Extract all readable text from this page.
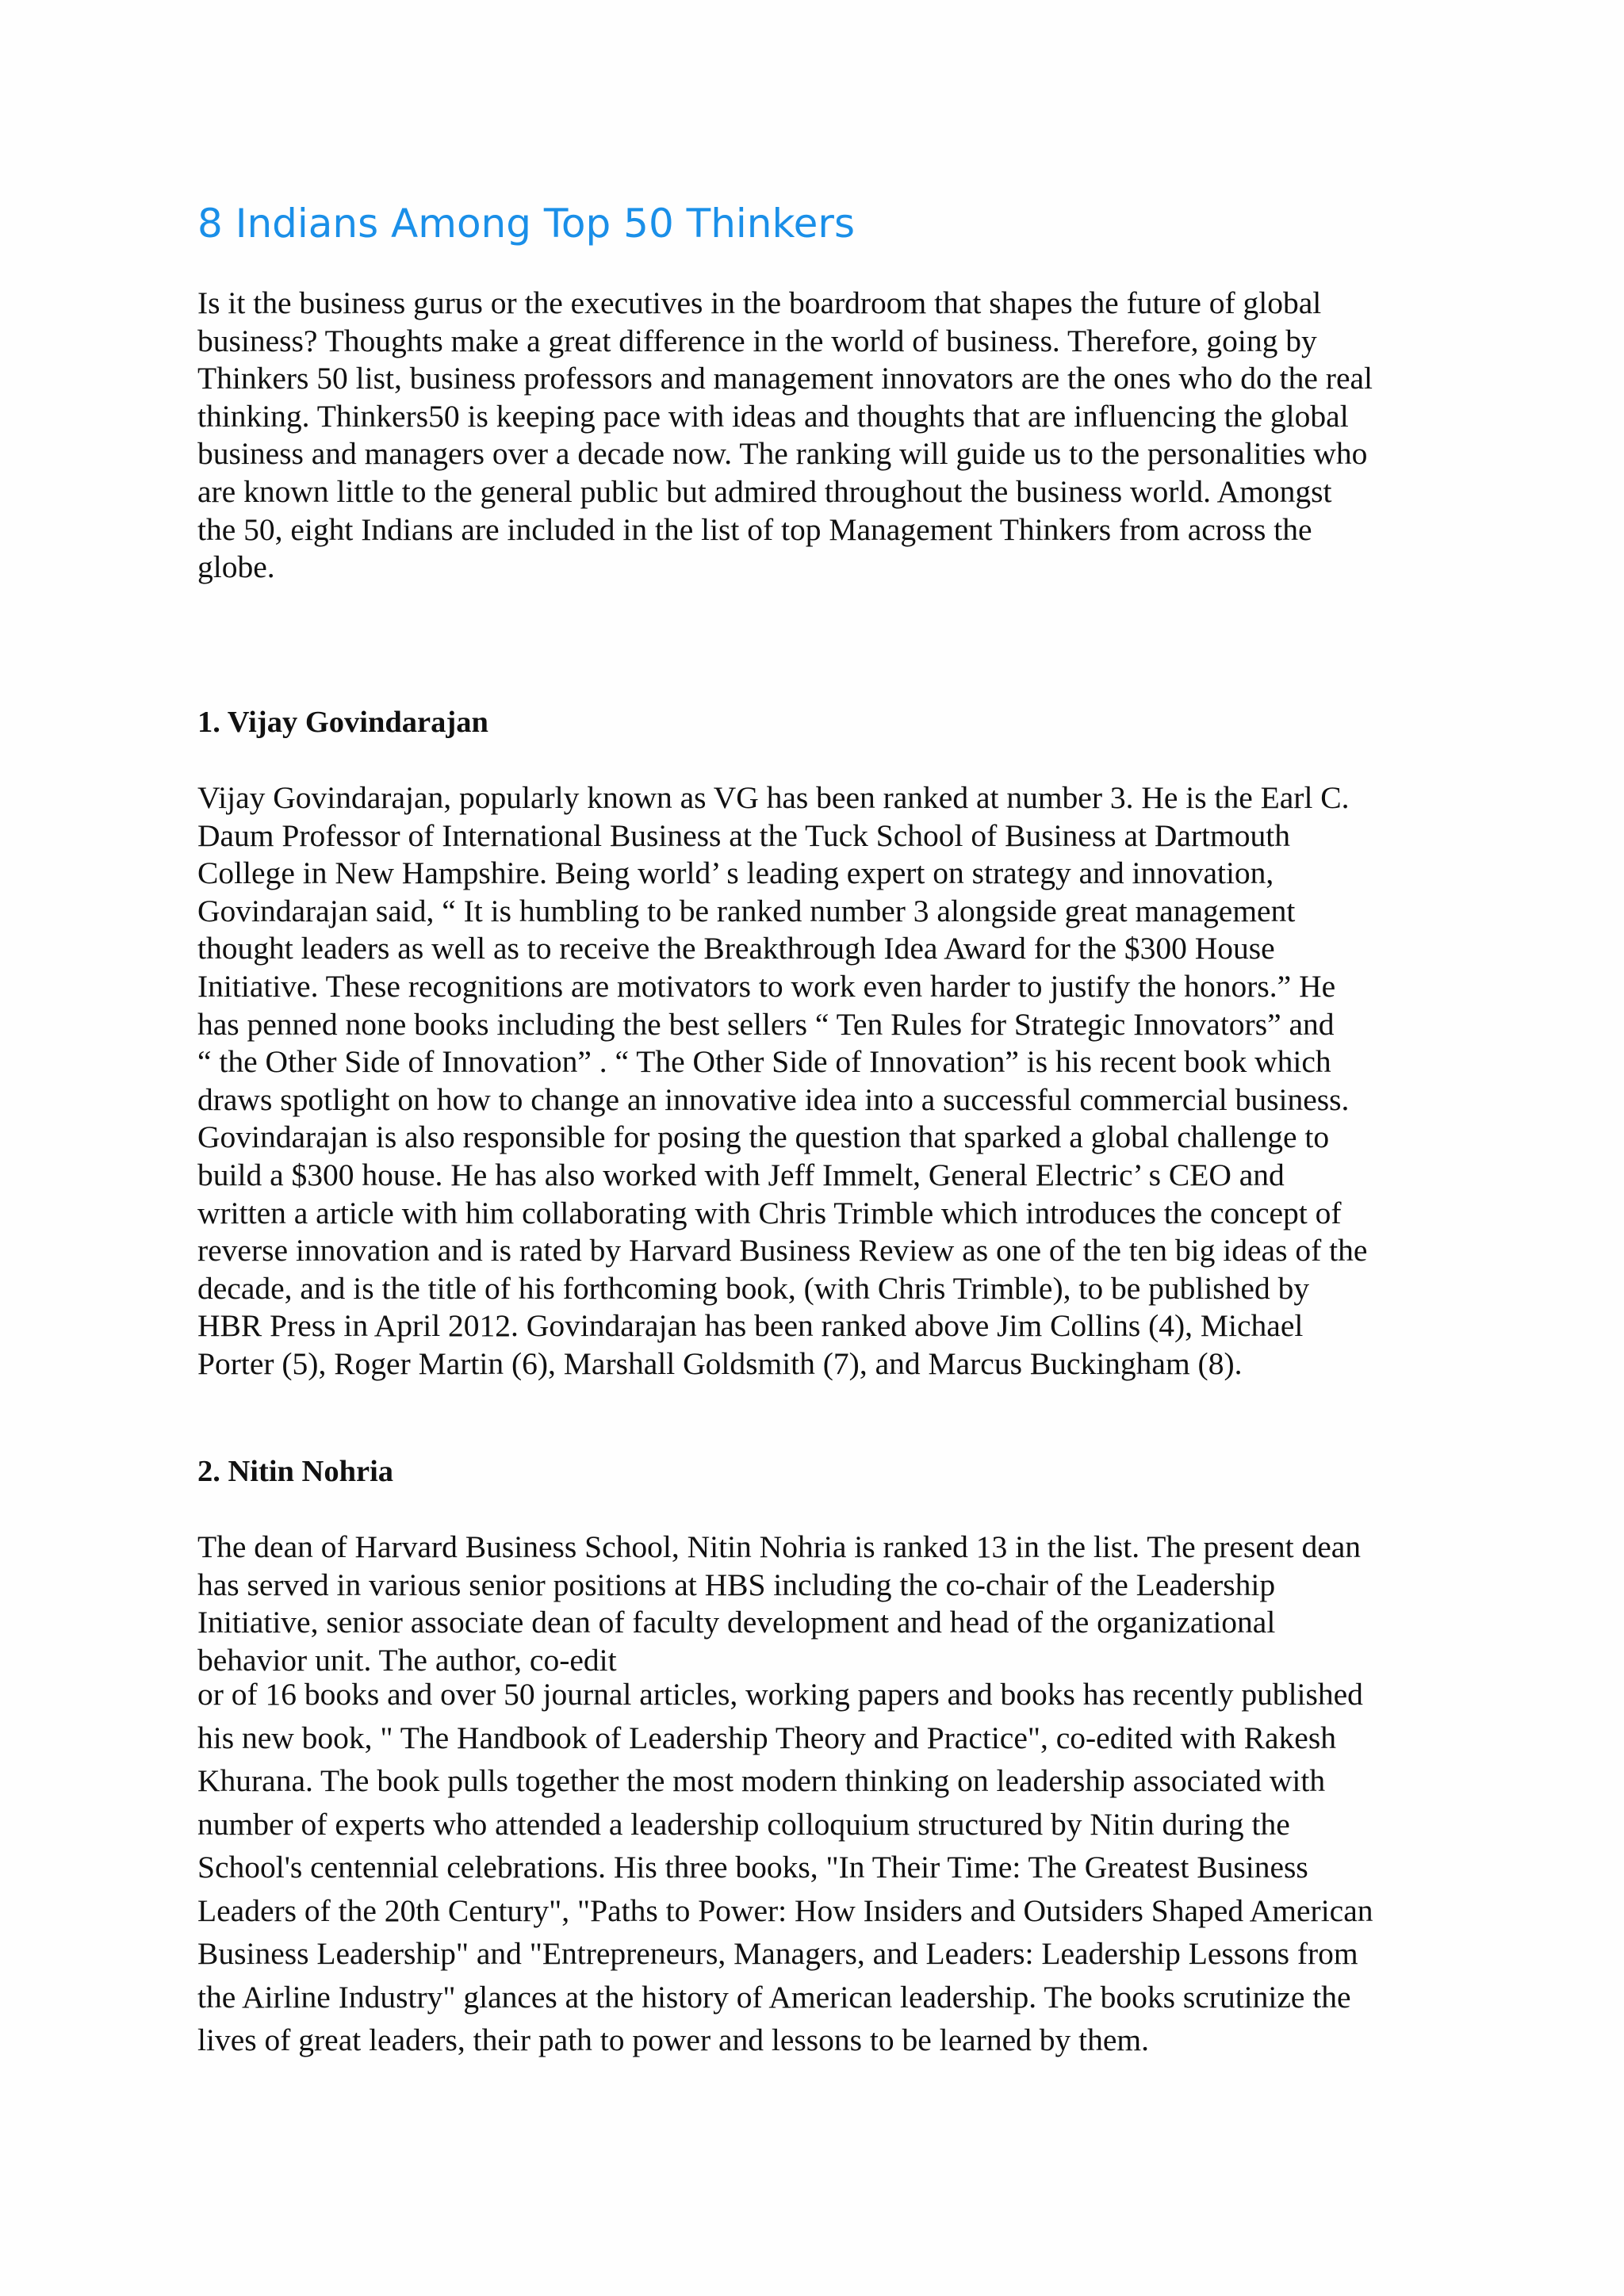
8 Indians Among Top 50 Thinkers

Is it the business gurus or the executives in the boardroom that shapes the future of global
business? Thoughts make a great difference in the world of business. Therefore, going by
Thinkers 50 list, business professors and management innovators are the ones who do the real
thinking. Thinkers50 is keeping pace with ideas and thoughts that are influencing the global
business and managers over a decade now. The ranking will guide us to the personalities who
are known little to the general public but admired throughout the business world. Amongst
the 50, eight Indians are included in the list of top Management Thinkers from across the
globe.

1. Vijay Govindarajan

Vijay Govindarajan, popularly known as VG has been ranked at number 3. He is the Earl C.
Daum Professor of International Business at the Tuck School of Business at Dartmouth
College in New Hampshire. Being world’ s leading expert on strategy and innovation,
Govindarajan said, “ It is humbling to be ranked number 3 alongside great management
thought leaders as well as to receive the Breakthrough Idea Award for the $300 House
Initiative. These recognitions are motivators to work even harder to justify the honors.” He
has penned none books including the best sellers “ Ten Rules for Strategic Innovators” and
“ the Other Side of Innovation” . “ The Other Side of Innovation” is his recent book which
draws spotlight on how to change an innovative idea into a successful commercial business.
Govindarajan is also responsible for posing the question that sparked a global challenge to
build a $300 house. He has also worked with Jeff Immelt, General Electric’ s CEO and
written a article with him collaborating with Chris Trimble which introduces the concept of
reverse innovation and is rated by Harvard Business Review as one of the ten big ideas of the
decade, and is the title of his forthcoming book, (with Chris Trimble), to be published by
HBR Press in April 2012. Govindarajan has been ranked above Jim Collins (4), Michael
Porter (5), Roger Martin (6), Marshall Goldsmith (7), and Marcus Buckingham (8).

2. Nitin Nohria

The dean of Harvard Business School, Nitin Nohria is ranked 13 in the list. The present dean
has served in various senior positions at HBS including the co-chair of the Leadership
Initiative, senior associate dean of faculty development and head of the organizational
behavior unit. The author, co-edit

or of 16 books and over 50 journal articles, working papers and books has recently published
his new book, " The Handbook of Leadership Theory and Practice", co-edited with Rakesh
Khurana. The book pulls together the most modern thinking on leadership associated with
number of experts who attended a leadership colloquium structured by Nitin during the
School's centennial celebrations. His three books, "In Their Time: The Greatest Business
Leaders of the 20th Century", "Paths to Power: How Insiders and Outsiders Shaped American
Business Leadership" and "Entrepreneurs, Managers, and Leaders: Leadership Lessons from
the Airline Industry" glances at the history of American leadership. The books scrutinize the
lives of great leaders, their path to power and lessons to be learned by them.
